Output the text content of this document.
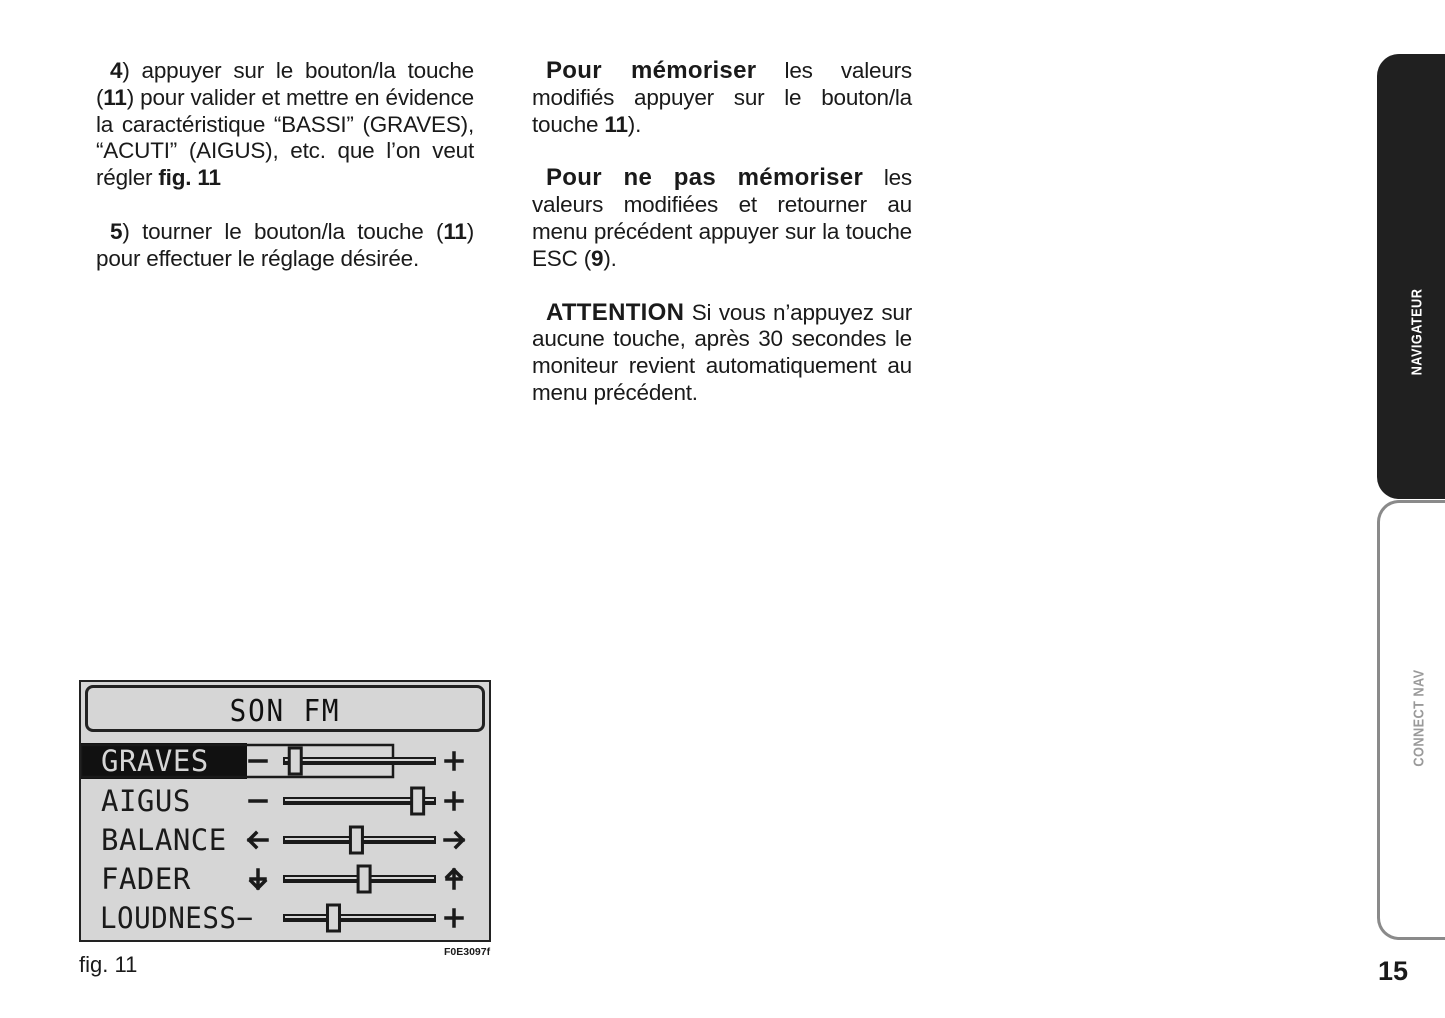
4) appuyer sur le bouton/la touche (11) pour valider et mettre en évidence la caractéristique “BASSI” (GRAVES), “ACUTI” (AIGUS), etc. que l’on veut régler fig. 11

5) tourner le bouton/la touche (11) pour effectuer le réglage désirée.

Pour mémoriser les valeurs modifiés appuyer sur le bouton/la touche 11).

Pour ne pas mémoriser les valeurs modifiées et retourner au menu précédent appuyer sur la touche ESC (9).

ATTENTION Si vous n’appuyez sur aucune touche, après 30 secondes le moniteur revient automatiquement au menu précédent.

SON FM
GRAVES
AIGUS
BALANCE
FADER
LOUDNESS−
fig. 11	F0E3097f
NAVIGATEUR
CONNECT NAV
15
